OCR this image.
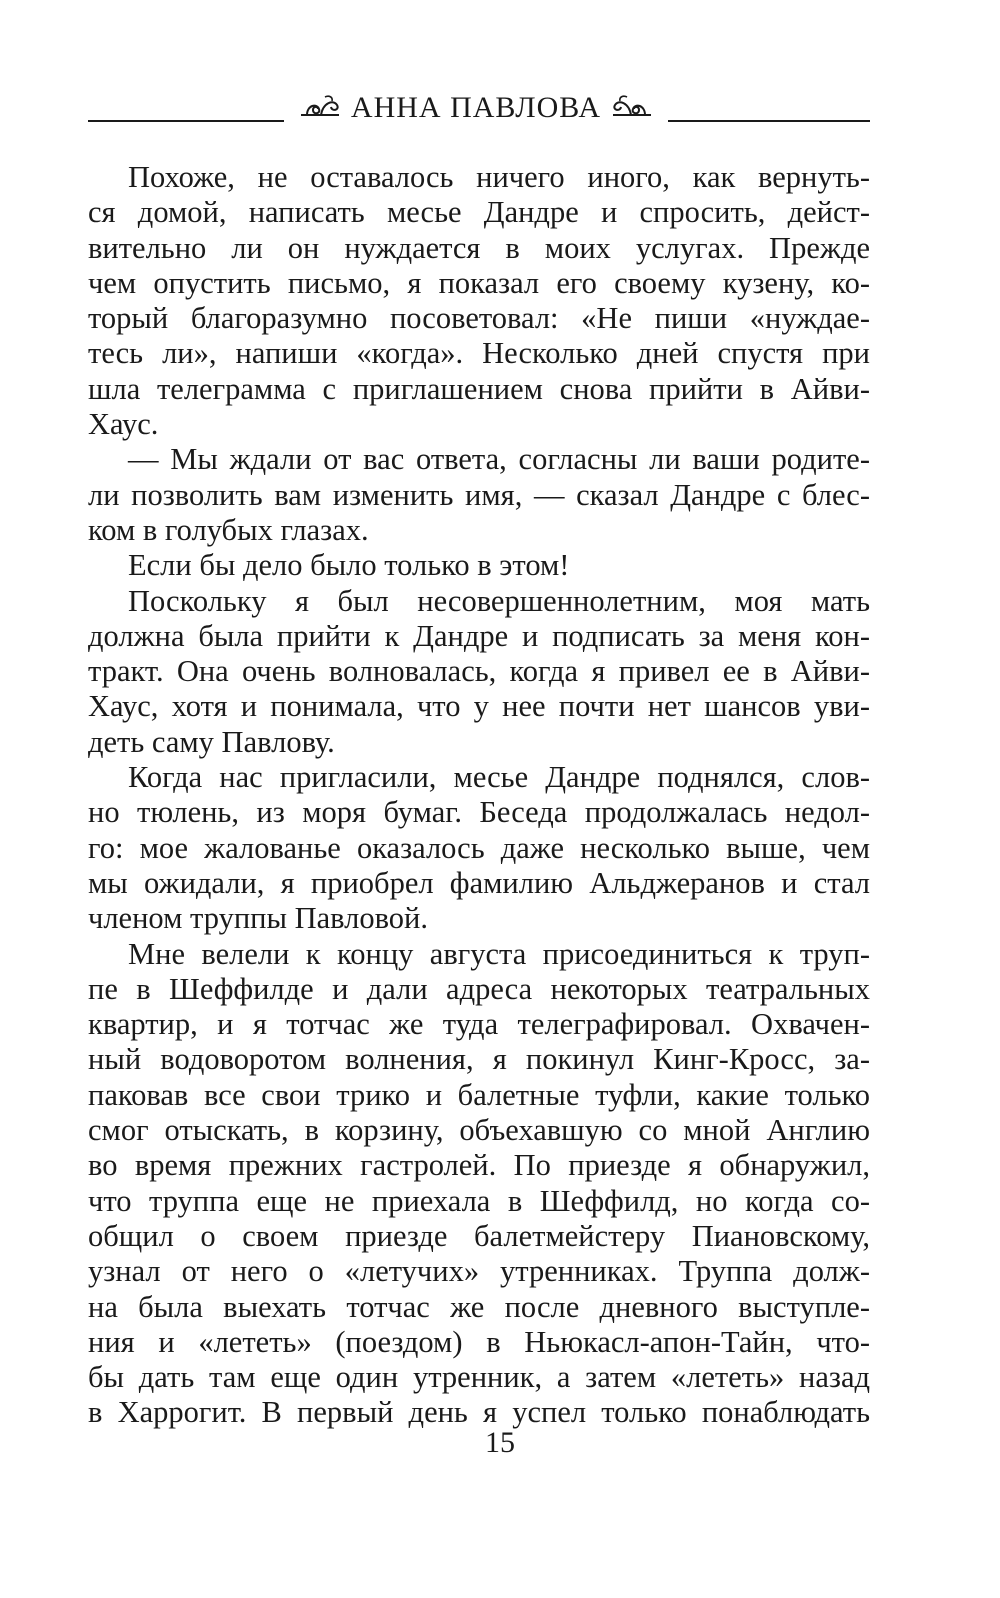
АННА ПАВЛОВА
Похоже, не оставалось ничего иного, как вернуть-
ся домой, написать месье Дандре и спросить, дейст-
вительно ли он нуждается в моих услугах. Прежде
чем опустить письмо, я показал его своему кузену, ко-
торый благоразумно посоветовал: «Не пиши «нуждае-
тесь ли», напиши «когда». Несколько дней спустя при
шла телеграмма с приглашением снова прийти в Айви-
Хаус.
— Мы ждали от вас ответа, согласны ли ваши родите-
ли позволить вам изменить имя, — сказал Дандре с блес-
ком в голубых глазах.
Если бы дело было только в этом!
Поскольку я был несовершеннолетним, моя мать
должна была прийти к Дандре и подписать за меня кон-
тракт. Она очень волновалась, когда я привел ее в Айви-
Хаус, хотя и понимала, что у нее почти нет шансов уви-
деть саму Павлову.
Когда нас пригласили, месье Дандре поднялся, слов-
но тюлень, из моря бумаг. Беседа продолжалась недол-
го: мое жалованье оказалось даже несколько выше, чем
мы ожидали, я приобрел фамилию Альджеранов и стал
членом труппы Павловой.
Мне велели к концу августа присоединиться к труп-
пе в Шеффилде и дали адреса некоторых театральных
квартир, и я тотчас же туда телеграфировал. Охвачен-
ный водоворотом волнения, я покинул Кинг-Кросс, за-
паковав все свои трико и балетные туфли, какие только
смог отыскать, в корзину, объехавшую со мной Англию
во время прежних гастролей. По приезде я обнаружил,
что труппа еще не приехала в Шеффилд, но когда со-
общил о своем приезде балетмейстеру Пиановскому,
узнал от него о «летучих» утренниках. Труппа долж-
на была выехать тотчас же после дневного выступле-
ния и «лететь» (поездом) в Ньюкасл-апон-Тайн, что-
бы дать там еще один утренник, а затем «лететь» назад
в Харрогит. В первый день я успел только понаблюдать
15
